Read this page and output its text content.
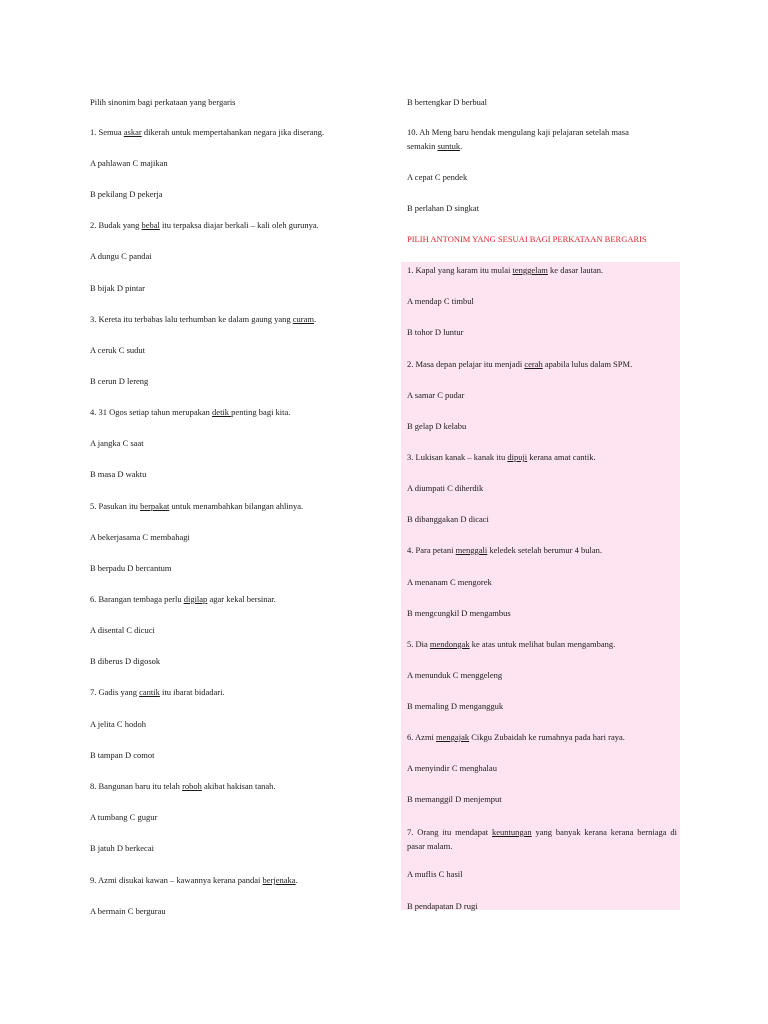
Pilih sinonim bagi perkataan yang bergaris
1. Semua askar dikerah untuk mempertahankan negara jika diserang.
A pahlawan C majikan
B pekilang D pekerja
2. Budak yang bebal itu terpaksa diajar berkali – kali oleh gurunya.
A dungu C pandai
B bijak D pintar
3. Kereta itu terbabas lalu terhumban ke dalam gaung yang curam.
A ceruk C sudut
B cerun D lereng
4. 31 Ogos setiap tahun merupakan detik penting bagi kita.
A jangka C saat
B masa D waktu
5. Pasukan itu berpakat untuk menambahkan bilangan ahlinya.
A bekerjasama C membahagi
B berpadu D bercantum
6. Barangan tembaga perlu digilap agar kekal bersinar.
A disental C dicuci
B diberus D digosok
7. Gadis yang cantik itu ibarat bidadari.
A jelita C hodoh
B tampan D comot
8. Bangunan baru itu telah roboh akibat hakisan tanah.
A tumbang C gugur
B jatuh D berkecai
9. Azmi disukai kawan – kawannya kerana pandai berjenaka.
A bermain C bergurau
B bertengkar D berbual
10. Ah Meng baru hendak mengulang kaji pelajaran setelah masa
semakin suntuk.
A cepat C pendek
B perlahan D singkat
PILIH ANTONIM YANG SESUAI BAGI PERKATAAN BERGARIS
1. Kapal yang karam itu mulai tenggelam ke dasar lautan.
A mendap C timbul
B tohor D luntur
2. Masa depan pelajar itu menjadi cerah apabila lulus dalam SPM.
A samar C pudar
B gelap D kelabu
3. Lukisan kanak – kanak itu dipuji kerana amat cantik.
A diumpati C diherdik
B dibanggakan D dicaci
4. Para petani menggali keledek setelah berumur 4 bulan.
A menanam C mengorek
B mengcungkil D mengambus
5. Dia mendongak ke atas untuk melihat bulan mengambang.
A menunduk C menggeleng
B memaling D mengangguk
6. Azmi mengajak Cikgu Zubaidah ke rumahnya pada hari raya.
A menyindir C menghalau
B memanggil D menjemput
7. Orang itu mendapat keuntungan yang banyak kerana kerana berniaga di pasar malam.
A muflis C hasil
B pendapatan D rugi
